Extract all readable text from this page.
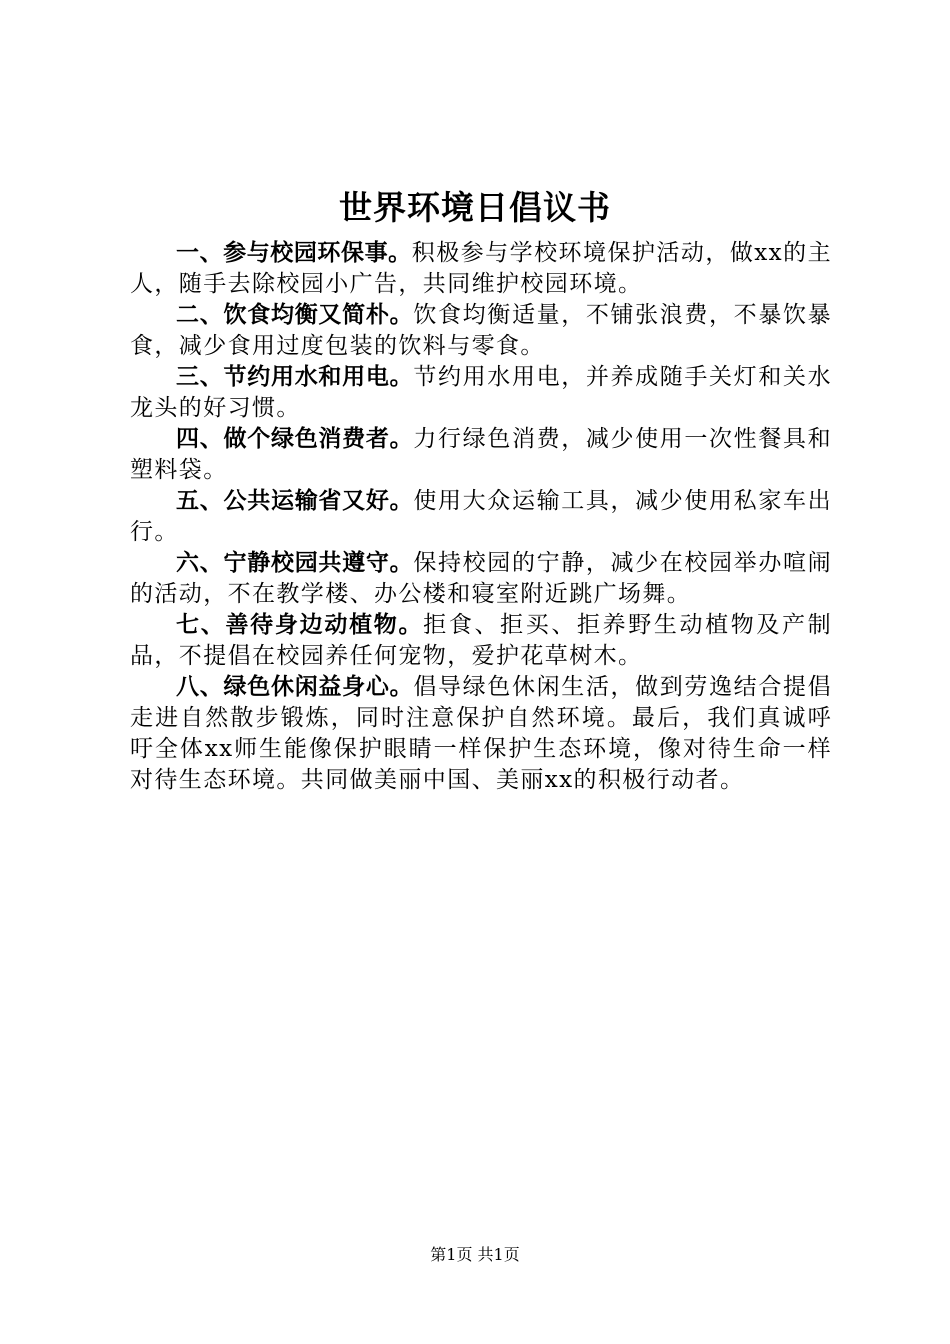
世界环境日倡议书

一、参与校园环保事。积极参与学校环境保护活动，做xx的主人，随手去除校园小广告，共同维护校园环境。

二、饮食均衡又简朴。饮食均衡适量，不铺张浪费，不暴饮暴食，减少食用过度包装的饮料与零食。

三、节约用水和用电。节约用水用电，并养成随手关灯和关水龙头的好习惯。

四、做个绿色消费者。力行绿色消费，减少使用一次性餐具和塑料袋。

五、公共运输省又好。使用大众运输工具，减少使用私家车出行。

六、宁静校园共遵守。保持校园的宁静，减少在校园举办喧闹的活动，不在教学楼、办公楼和寝室附近跳广场舞。

七、善待身边动植物。拒食、拒买、拒养野生动植物及产制品，不提倡在校园养任何宠物，爱护花草树木。

八、绿色休闲益身心。倡导绿色休闲生活，做到劳逸结合提倡走进自然散步锻炼，同时注意保护自然环境。最后，我们真诚呼吁全体xx师生能像保护眼睛一样保护生态环境，像对待生命一样对待生态环境。共同做美丽中国、美丽xx的积极行动者。

第1页 共1页
